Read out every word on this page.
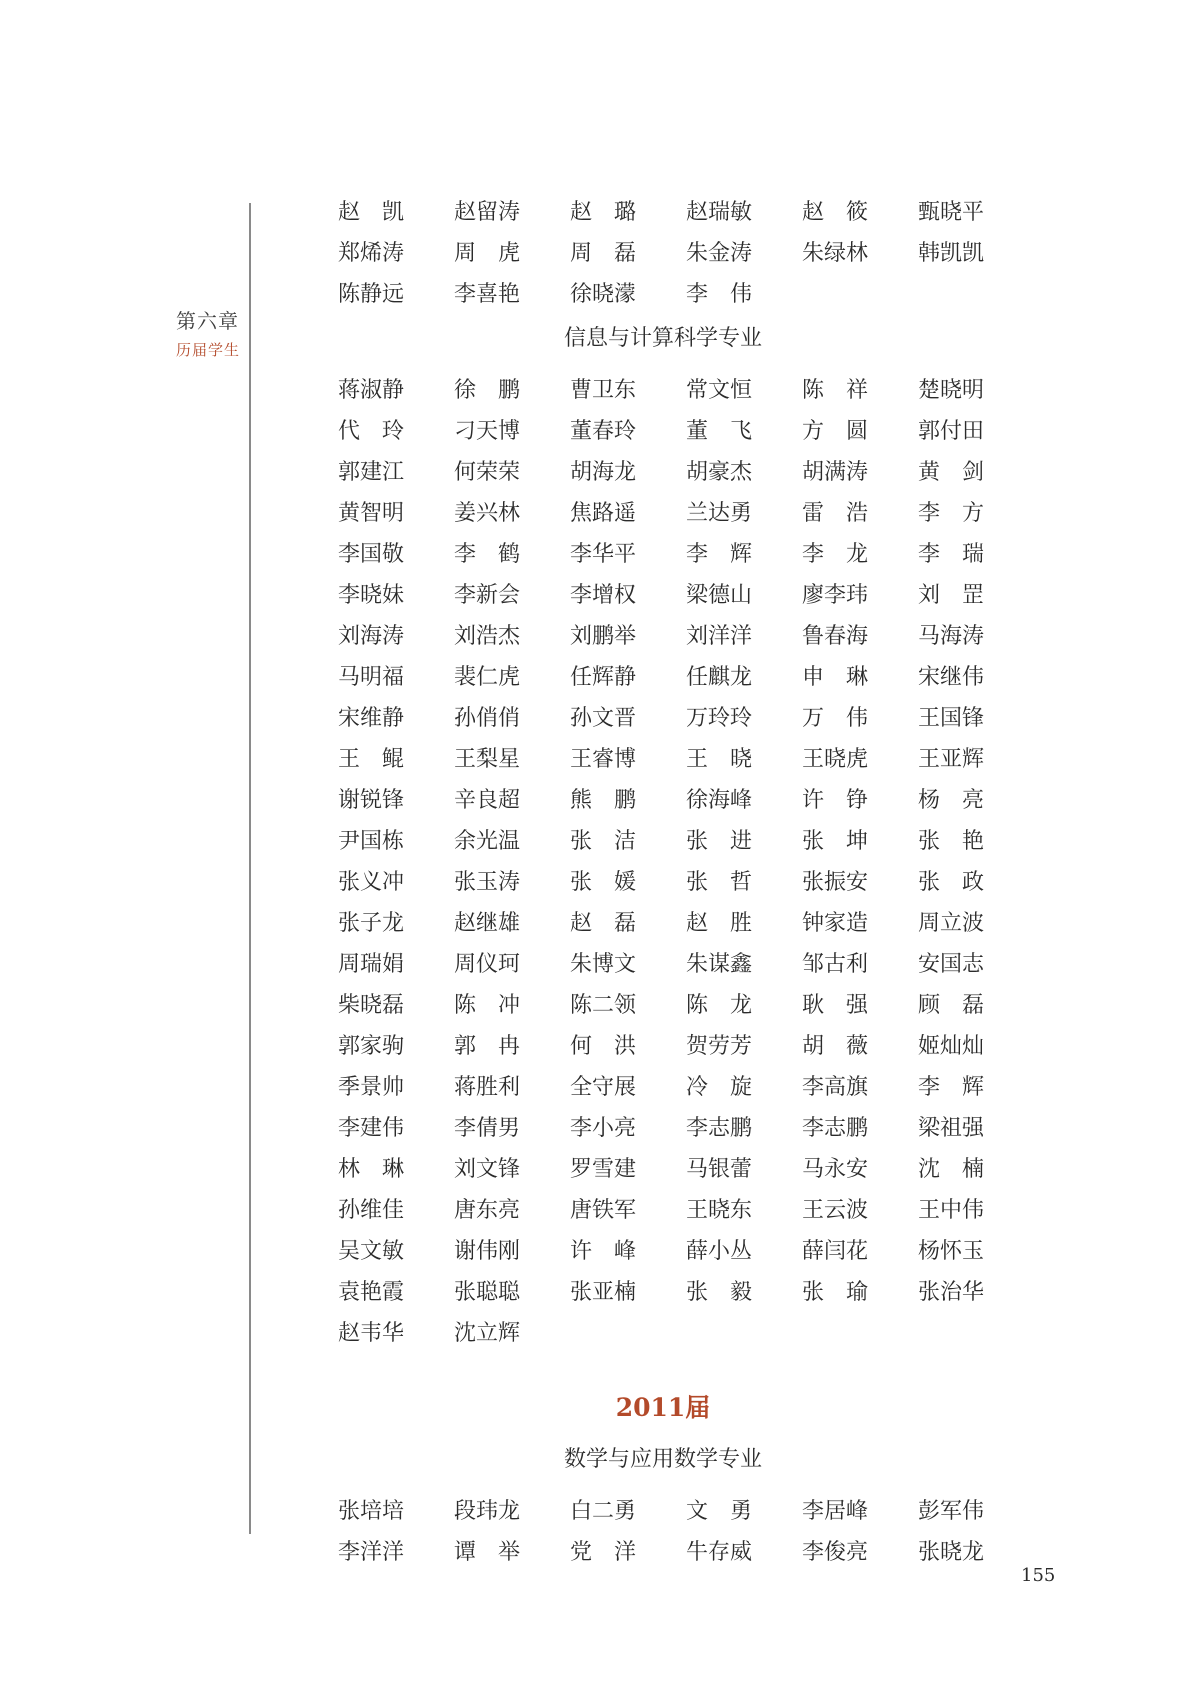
第六章
历届学生
赵　凯	赵留涛	赵　璐	赵瑞敏	赵　筱	甄晓平
郑烯涛	周　虎	周　磊	朱金涛	朱绿林	韩凯凯
陈静远	李喜艳	徐晓濛	李　伟
信息与计算科学专业
蒋淑静	徐　鹏	曹卫东	常文恒	陈　祥	楚晓明
代　玲	刁天博	董春玲	董　飞	方　圆	郭付田
郭建江	何荣荣	胡海龙	胡豪杰	胡满涛	黄　剑
黄智明	姜兴林	焦路遥	兰达勇	雷　浩	李　方
李国敬	李　鹤	李华平	李　辉	李　龙	李　瑞
李晓妹	李新会	李增权	梁德山	廖李玮	刘　罡
刘海涛	刘浩杰	刘鹏举	刘洋洋	鲁春海	马海涛
马明福	裴仁虎	任辉静	任麒龙	申　琳	宋继伟
宋维静	孙俏俏	孙文晋	万玲玲	万　伟	王国锋
王　鲲	王梨星	王睿博	王　晓	王晓虎	王亚辉
谢锐锋	辛良超	熊　鹏	徐海峰	许　铮	杨　亮
尹国栋	余光温	张　洁	张　进	张　坤	张　艳
张义冲	张玉涛	张　媛	张　哲	张振安	张　政
张子龙	赵继雄	赵　磊	赵　胜	钟家造	周立波
周瑞娟	周仪珂	朱博文	朱谋鑫	邹古利	安国志
柴晓磊	陈　冲	陈二领	陈　龙	耿　强	顾　磊
郭家驹	郭　冉	何　洪	贺劳芳	胡　薇	姬灿灿
季景帅	蒋胜利	全守展	冷　旋	李高旗	李　辉
李建伟	李倩男	李小亮	李志鹏	李志鹏	梁祖强
林　琳	刘文锋	罗雪建	马银蕾	马永安	沈　楠
孙维佳	唐东亮	唐铁军	王晓东	王云波	王中伟
吴文敏	谢伟刚	许　峰	薛小丛	薛闫花	杨怀玉
袁艳霞	张聪聪	张亚楠	张　毅	张　瑜	张治华
赵韦华	沈立辉
2011届
数学与应用数学专业
张培培	段玮龙	白二勇	文　勇	李居峰	彭军伟
李洋洋	谭　举	党　洋	牛存威	李俊亮	张晓龙
155
